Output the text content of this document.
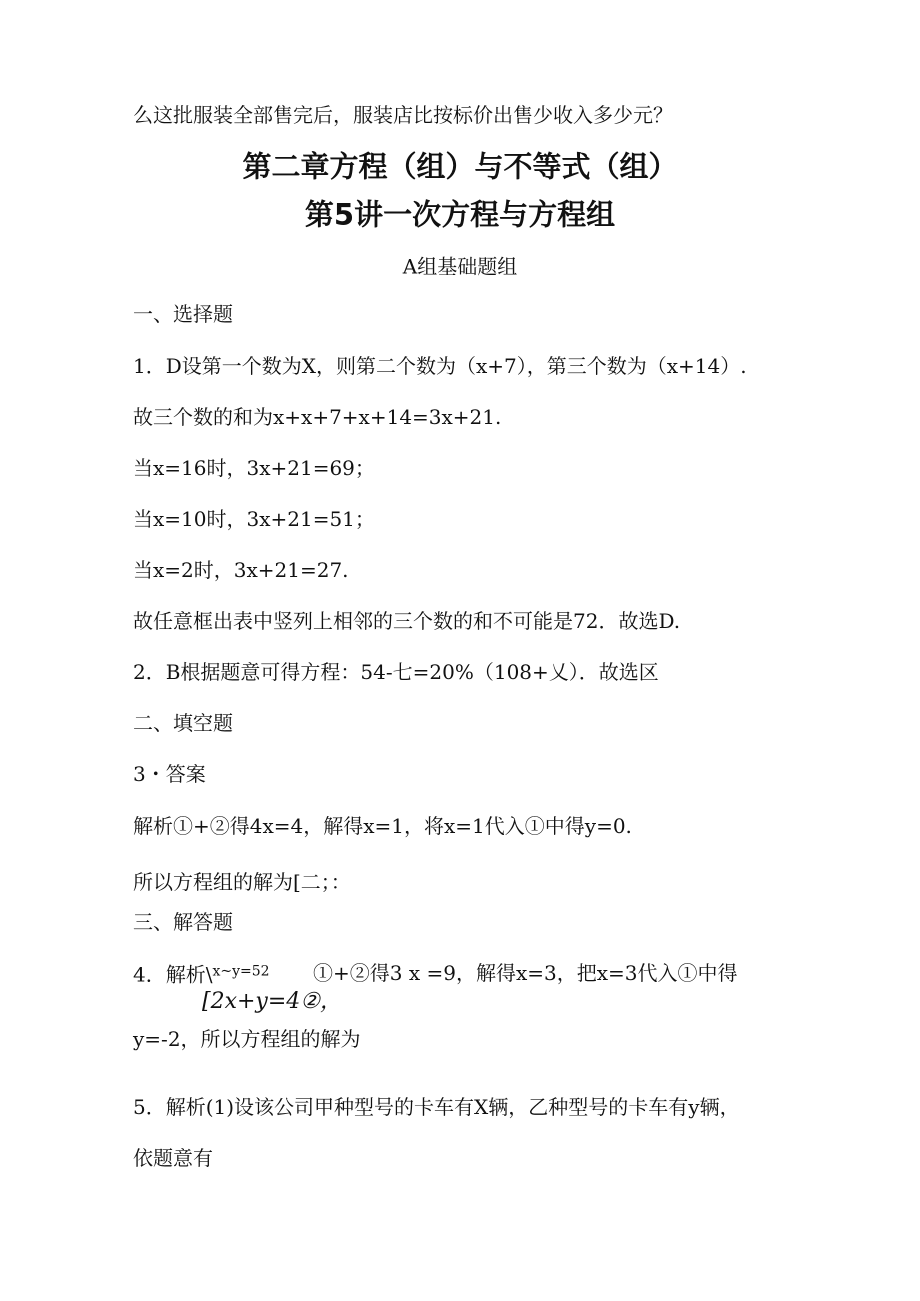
么这批服装全部售完后，服装店比按标价出售少收入多少元？
第二章方程（组）与不等式（组）
第5讲一次方程与方程组
A组基础题组
一、选择题
1．D设第一个数为X，则第二个数为（x+7），第三个数为（x+14）.
故三个数的和为x+x+7+x+14=3x+21.
当x=16时，3x+21=69；
当x=10时，3x+21=51；
当x=2时，3x+21=27.
故任意框出表中竖列上相邻的三个数的和不可能是72．故选D.
2．B根据题意可得方程：54-七=20%（108+乂）．故选区
二、填空题
3・答案
解析①+②得4x=4，解得x=1，将x=1代入①中得y=0.
所以方程组的解为[二；：
三、解答题
4．解析\$^{x\sim y=52}$
[2x+y=4②，
①+②得3 x =9，解得x=3，把x=3代入①中得
y=-2，所以方程组的解为
5．解析(1)设该公司甲种型号的卡车有X辆，乙种型号的卡车有y辆，
依题意有
